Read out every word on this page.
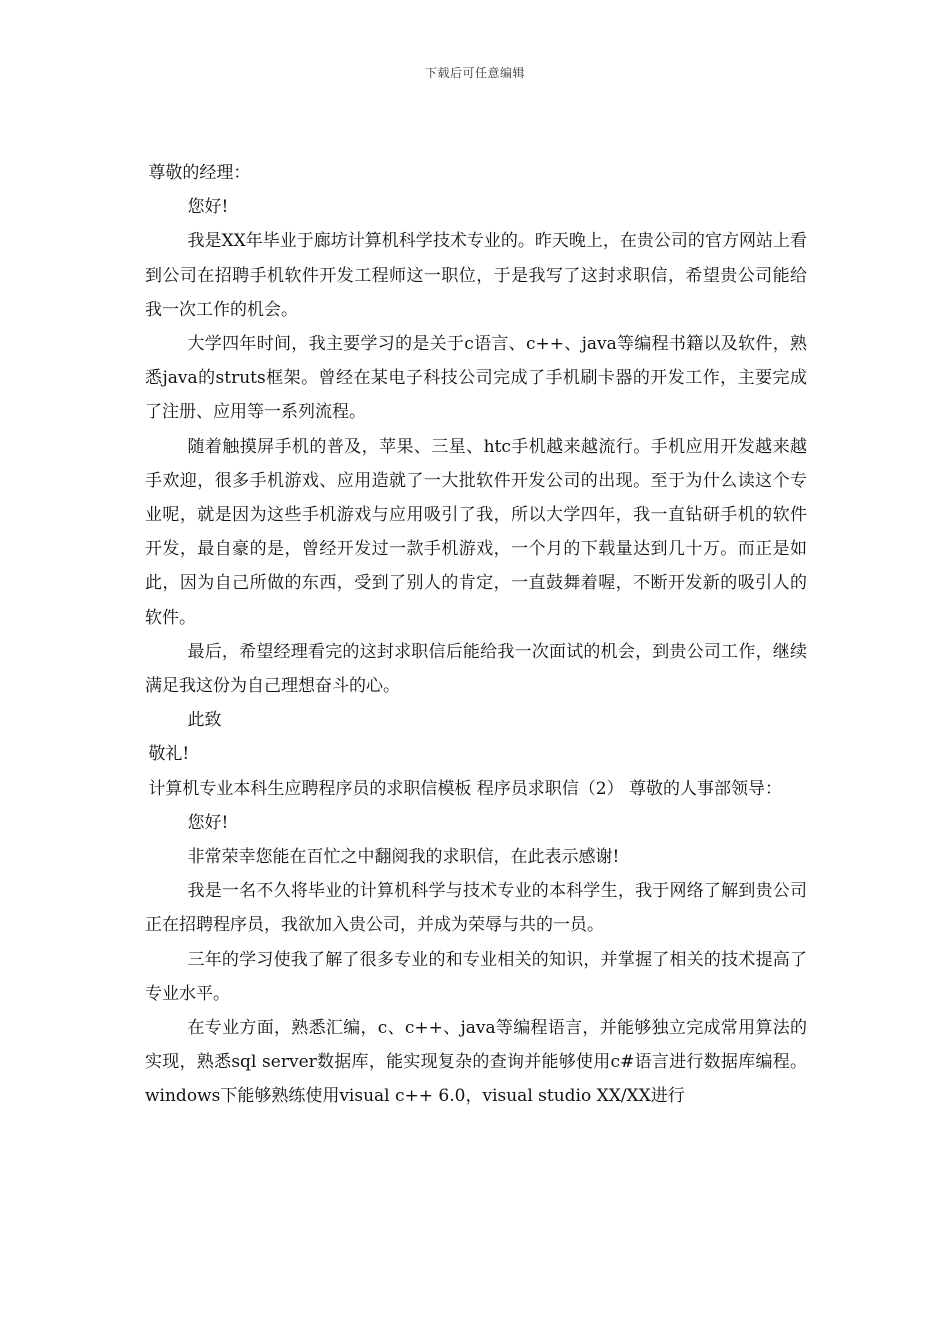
下载后可任意编辑

尊敬的经理：

您好!

我是XX年毕业于廊坊计算机科学技术专业的。昨天晚上，在贵公司的官方网站上看到公司在招聘手机软件开发工程师这一职位，于是我写了这封求职信，希望贵公司能给我一次工作的机会。

大学四年时间，我主要学习的是关于c语言、c++、java等编程书籍以及软件，熟悉java的struts框架。曾经在某电子科技公司完成了手机刷卡器的开发工作，主要完成了注册、应用等一系列流程。

随着触摸屏手机的普及，苹果、三星、htc手机越来越流行。手机应用开发越来越手欢迎，很多手机游戏、应用造就了一大批软件开发公司的出现。至于为什么读这个专业呢，就是因为这些手机游戏与应用吸引了我，所以大学四年，我一直钻研手机的软件开发，最自豪的是，曾经开发过一款手机游戏，一个月的下载量达到几十万。而正是如此，因为自己所做的东西，受到了别人的肯定，一直鼓舞着喔，不断开发新的吸引人的软件。

最后，希望经理看完的这封求职信后能给我一次面试的机会，到贵公司工作，继续满足我这份为自己理想奋斗的心。

此致

敬礼!

计算机专业本科生应聘程序员的求职信模板 程序员求职信（2） 尊敬的人事部领导：

您好!

非常荣幸您能在百忙之中翻阅我的求职信，在此表示感谢!

我是一名不久将毕业的计算机科学与技术专业的本科学生，我于网络了解到贵公司正在招聘程序员，我欲加入贵公司，并成为荣辱与共的一员。

三年的学习使我了解了很多专业的和专业相关的知识，并掌握了相关的技术提高了专业水平。

在专业方面，熟悉汇编，c、c++、java等编程语言，并能够独立完成常用算法的实现，熟悉sql server数据库，能实现复杂的查询并能够使用c#语言进行数据库编程。windows下能够熟练使用visual c++ 6.0，visual studio XX/XX进行
